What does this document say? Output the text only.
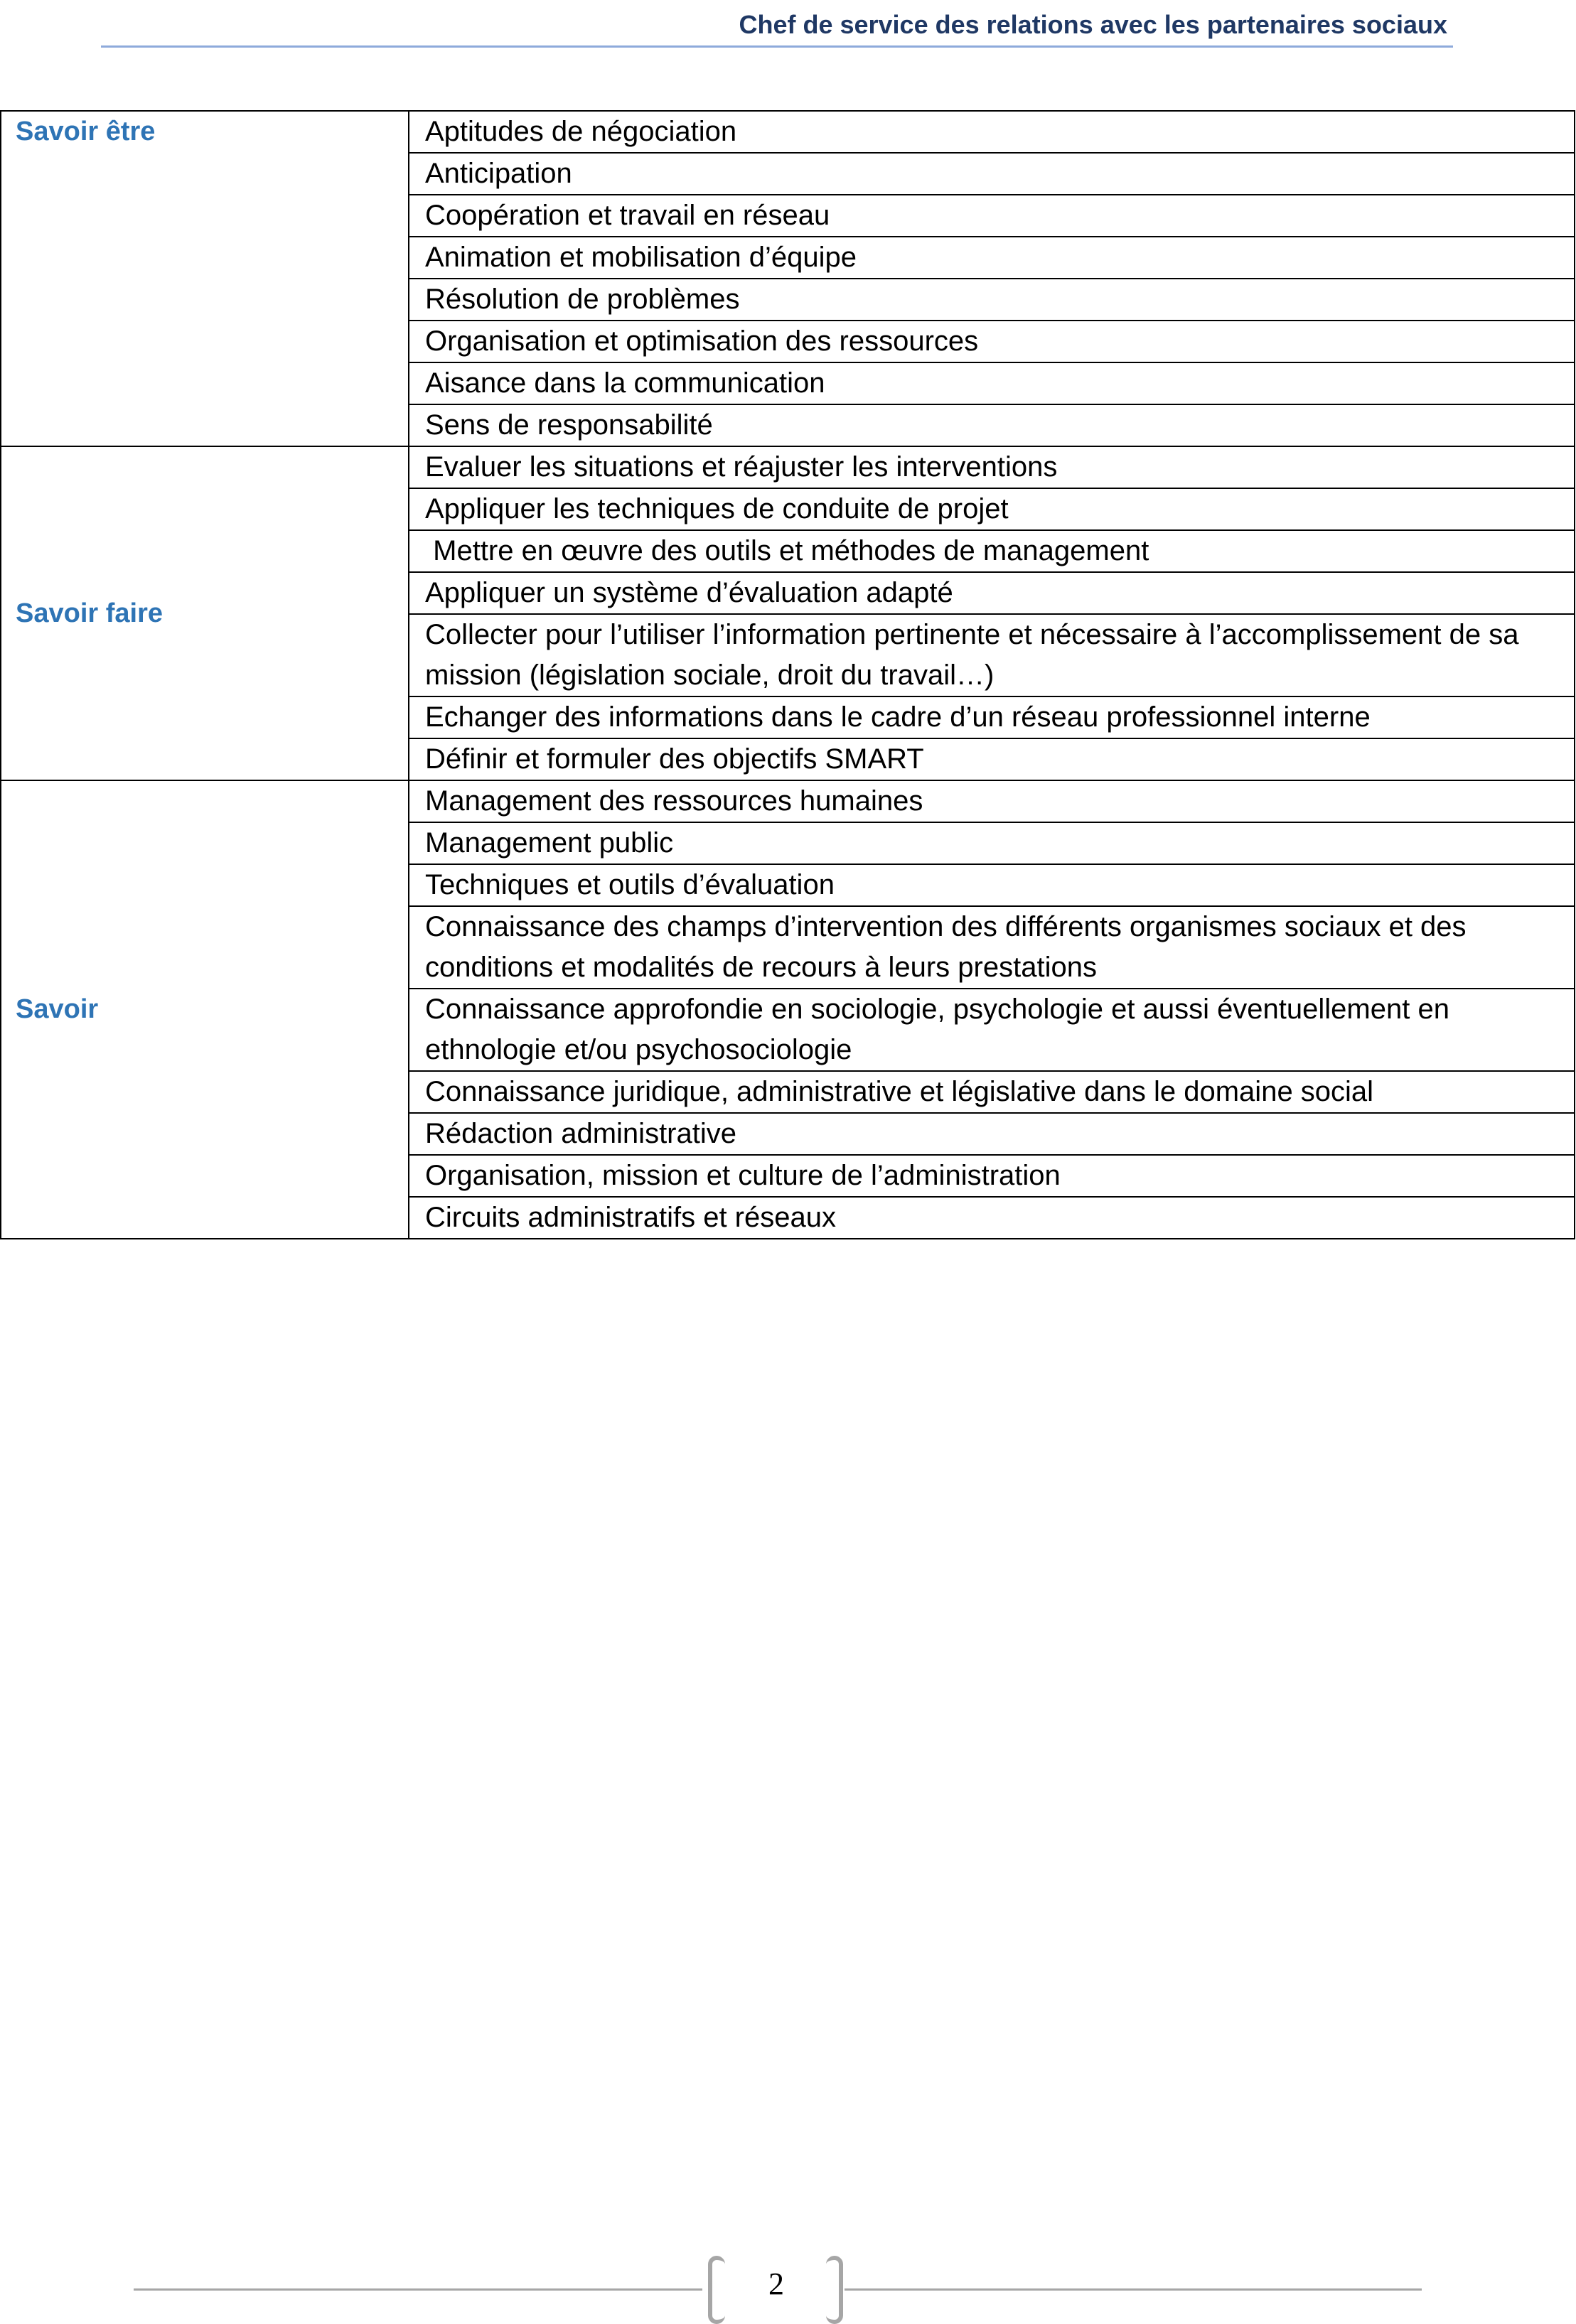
Chef de service des relations avec les partenaires sociaux
Savoir être	Aptitudes de négociation
	Anticipation
	Coopération et travail en réseau
	Animation et mobilisation d’équipe
	Résolution de problèmes
	Organisation et optimisation des ressources
	Aisance dans la communication
	Sens de responsabilité
Savoir faire	Evaluer les situations et réajuster les interventions
	Appliquer les techniques de conduite de projet
	Mettre en œuvre des outils et méthodes de management
	Appliquer un système d’évaluation adapté
	Collecter pour l’utiliser l’information pertinente et nécessaire à l’accomplissement de sa mission (législation sociale, droit du travail…)
	Echanger des informations dans le cadre d’un réseau professionnel interne
	Définir et formuler des objectifs SMART
Savoir	Management des ressources humaines
	Management public
	Techniques et outils d’évaluation
	Connaissance des champs d’intervention des différents organismes sociaux et des conditions et modalités de recours à leurs prestations
	Connaissance approfondie en sociologie, psychologie et aussi éventuellement en ethnologie et/ou psychosociologie
	Connaissance juridique, administrative et législative dans le domaine social
	Rédaction administrative
	Organisation, mission et culture de l’administration
	Circuits administratifs et réseaux
2
